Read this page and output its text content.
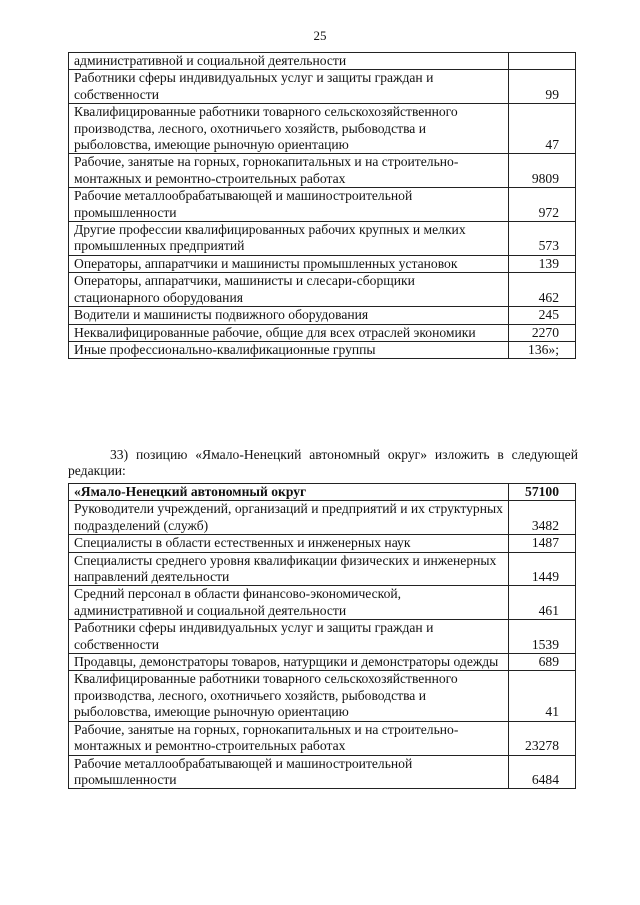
25
административной и социальной деятельности	
Работники сферы индивидуальных услуг и защиты граждан и собственности	99
Квалифицированные работники товарного сельскохозяйственного производства, лесного, охотничьего хозяйств, рыбоводства и рыболовства, имеющие рыночную ориентацию	47
Рабочие, занятые на горных, горнокапитальных и на строительно-монтажных и ремонтно-строительных работах	9809
Рабочие металлообрабатывающей и машиностроительной промышленности	972
Другие профессии квалифицированных рабочих крупных и мелких промышленных предприятий	573
Операторы, аппаратчики и машинисты промышленных установок	139
Операторы, аппаратчики, машинисты и слесари-сборщики стационарного оборудования	462
Водители и машинисты подвижного оборудования	245
Неквалифицированные рабочие, общие для всех отраслей экономики	2270
Иные профессионально-квалификационные группы	136»;
33) позицию «Ямало-Ненецкий автономный округ» изложить в следующей редакции:
«Ямало-Ненецкий автономный округ	57100
Руководители учреждений, организаций и предприятий и их структурных подразделений (служб)	3482
Специалисты в области естественных и инженерных наук	1487
Специалисты среднего уровня квалификации физических и инженерных направлений деятельности	1449
Средний персонал в области финансово-экономической, административной и социальной деятельности	461
Работники сферы индивидуальных услуг и защиты граждан и собственности	1539
Продавцы, демонстраторы товаров, натурщики и демонстраторы одежды	689
Квалифицированные работники товарного сельскохозяйственного производства, лесного, охотничьего хозяйств, рыбоводства и рыболовства, имеющие рыночную ориентацию	41
Рабочие, занятые на горных, горнокапитальных и на строительно-монтажных и ремонтно-строительных работах	23278
Рабочие металлообрабатывающей и машиностроительной промышленности	6484
